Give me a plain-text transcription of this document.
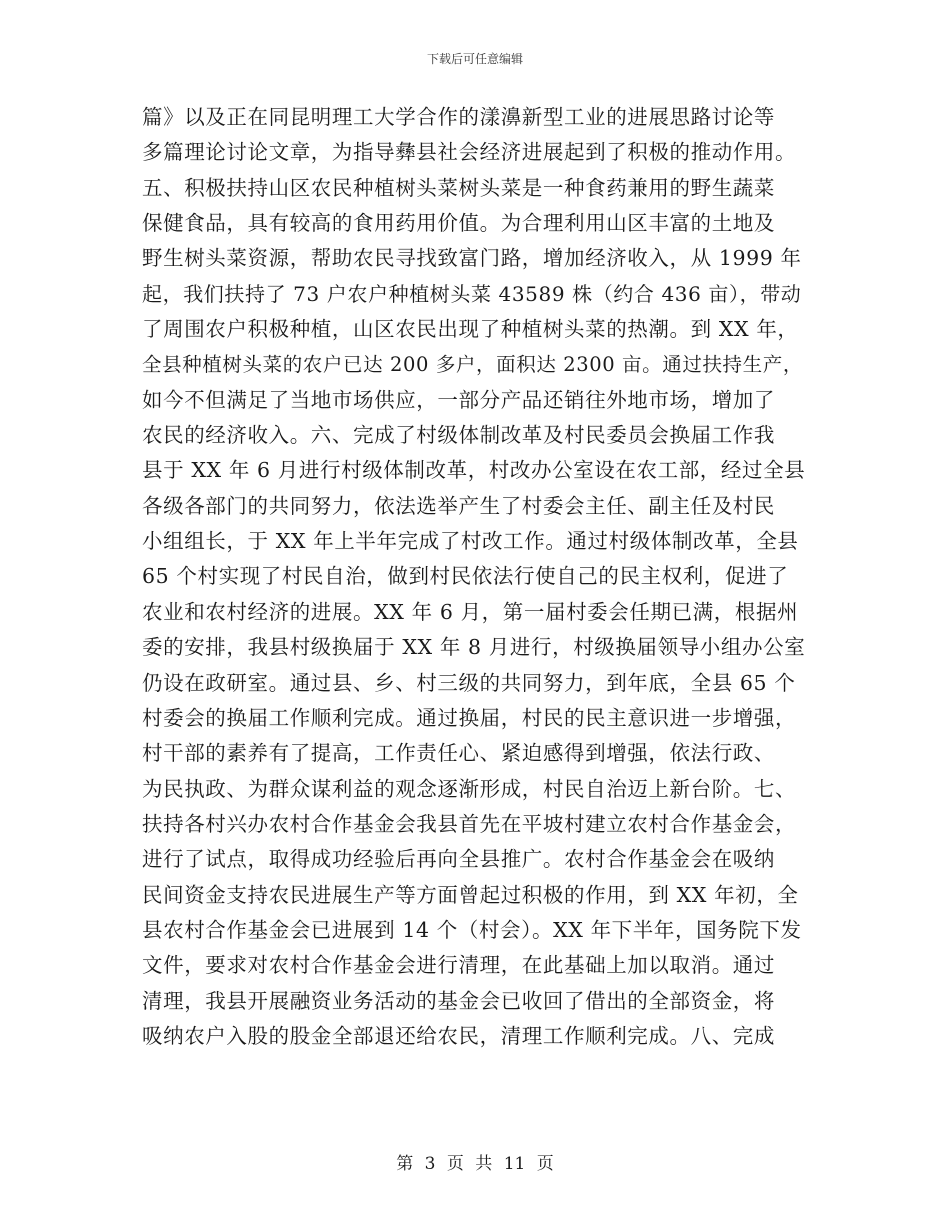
下载后可任意编辑
篇》以及正在同昆明理工大学合作的漾濞新型工业的进展思路讨论等
多篇理论讨论文章，为指导彝县社会经济进展起到了积极的推动作用。
五、积极扶持山区农民种植树头菜树头菜是一种食药兼用的野生蔬菜
保健食品，具有较高的食用药用价值。为合理利用山区丰富的土地及
野生树头菜资源，帮助农民寻找致富门路，增加经济收入，从 1999 年
起，我们扶持了 73 户农户种植树头菜 43589 株（约合 436 亩），带动
了周围农户积极种植，山区农民出现了种植树头菜的热潮。到 XX 年，
全县种植树头菜的农户已达 200 多户，面积达 2300 亩。通过扶持生产，
如今不但满足了当地市场供应，一部分产品还销往外地市场，增加了
农民的经济收入。六、完成了村级体制改革及村民委员会换届工作我
县于 XX 年 6 月进行村级体制改革，村改办公室设在农工部，经过全县
各级各部门的共同努力，依法选举产生了村委会主任、副主任及村民
小组组长，于 XX 年上半年完成了村改工作。通过村级体制改革，全县
65 个村实现了村民自治，做到村民依法行使自己的民主权利，促进了
农业和农村经济的进展。XX 年 6 月，第一届村委会任期已满，根据州
委的安排，我县村级换届于 XX 年 8 月进行，村级换届领导小组办公室
仍设在政研室。通过县、乡、村三级的共同努力，到年底，全县 65 个
村委会的换届工作顺利完成。通过换届，村民的民主意识进一步增强，
村干部的素养有了提高，工作责任心、紧迫感得到增强，依法行政、
为民执政、为群众谋利益的观念逐渐形成，村民自治迈上新台阶。七、
扶持各村兴办农村合作基金会我县首先在平坡村建立农村合作基金会，
进行了试点，取得成功经验后再向全县推广。农村合作基金会在吸纳
民间资金支持农民进展生产等方面曾起过积极的作用，到 XX 年初，全
县农村合作基金会已进展到 14 个（村会）。XX 年下半年，国务院下发
文件，要求对农村合作基金会进行清理，在此基础上加以取消。通过
清理，我县开展融资业务活动的基金会已收回了借出的全部资金，将
吸纳农户入股的股金全部退还给农民，清理工作顺利完成。八、完成
第 3 页 共 11 页
